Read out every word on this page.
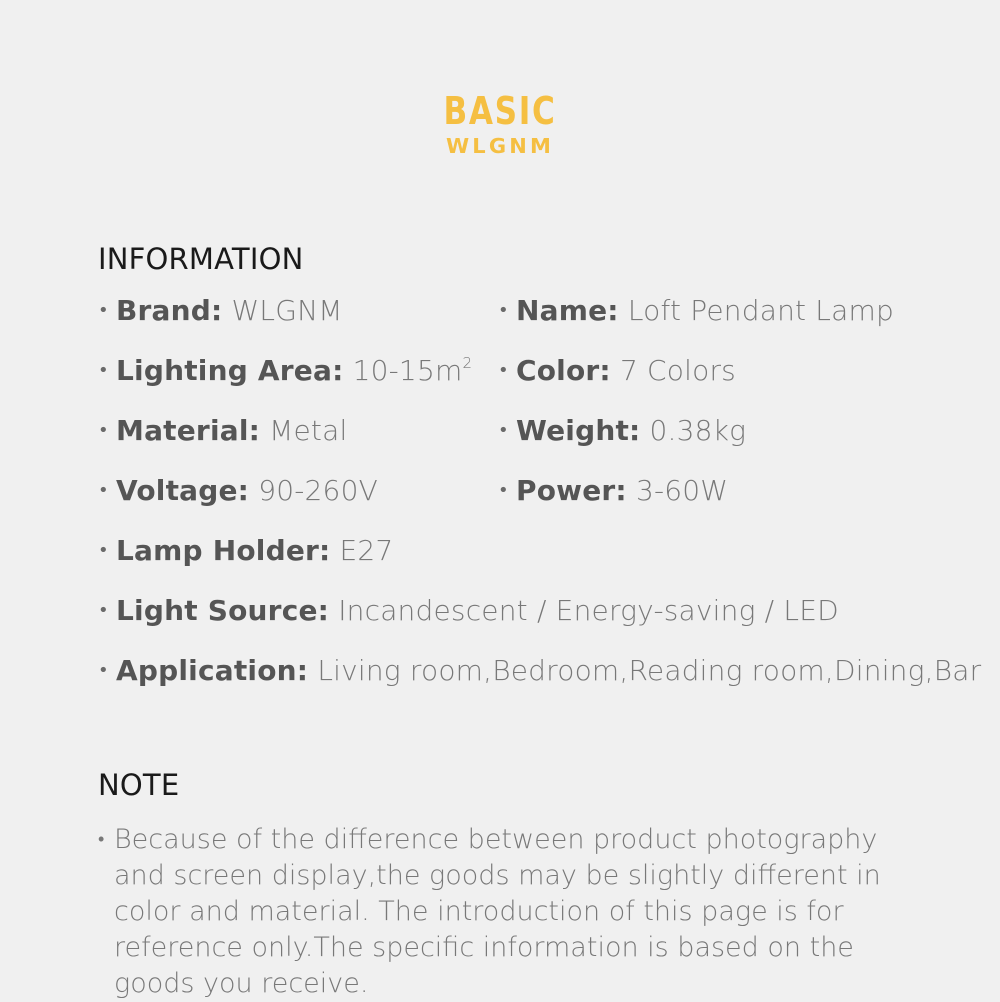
BASIC
WLGNM
INFORMATION
• Brand: WLGNM	• Name: Loft Pendant Lamp
• Lighting Area: $10-15m^2$ • Color: 7 Colors
• Material: Metal	• Weight: 0.38kg
• Voltage: 90-260V	• Power: 3-60W
• Lamp Holder: E27
• Light Source: Incandescent / Energy-saving / LED
• Application: Living room,Bedroom,Reading room,Dining,Bar
NOTE
• Because of the difference between product photography and screen display,the goods may be slightly different in color and material. The introduction of this page is for reference only.The specific information is based on the goods you receive.
